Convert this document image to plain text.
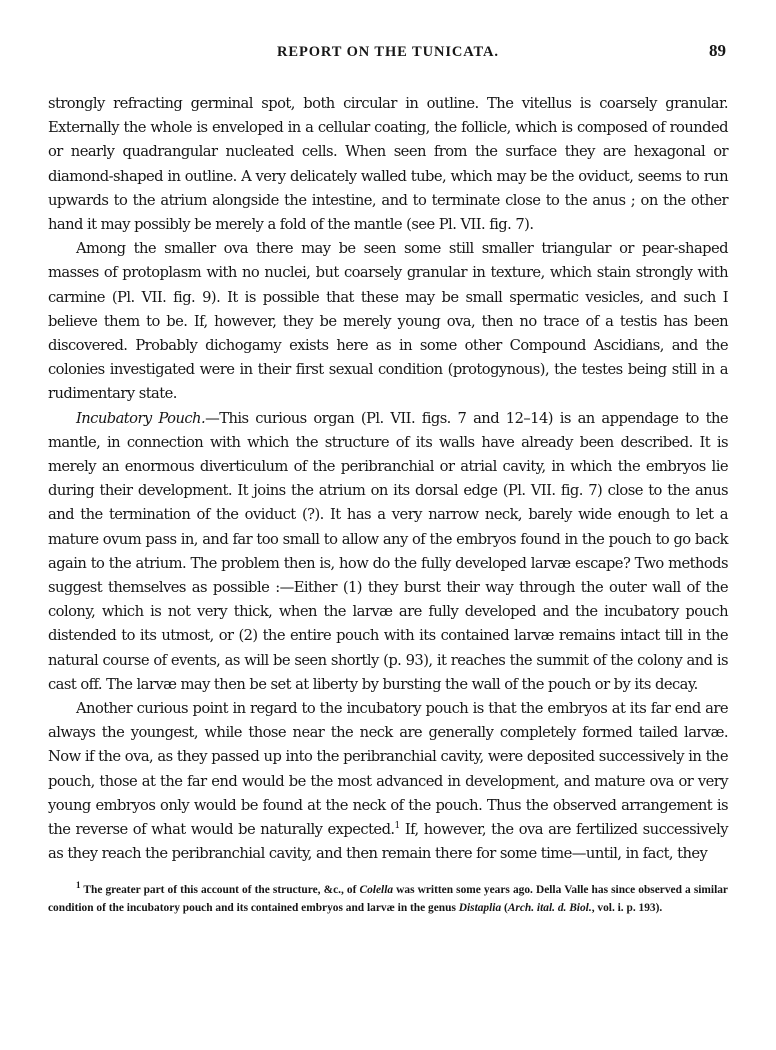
REPORT ON THE TUNICATA.	89

strongly refracting germinal spot, both circular in outline. The vitellus is coarsely granular. Externally the whole is enveloped in a cellular coating, the follicle, which is composed of rounded or nearly quadrangular nucleated cells. When seen from the surface they are hexagonal or diamond-shaped in outline. A very delicately walled tube, which may be the oviduct, seems to run upwards to the atrium alongside the intestine, and to terminate close to the anus ; on the other hand it may possibly be merely a fold of the mantle (see Pl. VII. fig. 7).

Among the smaller ova there may be seen some still smaller triangular or pear-shaped masses of protoplasm with no nuclei, but coarsely granular in texture, which stain strongly with carmine (Pl. VII. fig. 9). It is possible that these may be small spermatic vesicles, and such I believe them to be. If, however, they be merely young ova, then no trace of a testis has been discovered. Probably dichogamy exists here as in some other Compound Ascidians, and the colonies investigated were in their first sexual condition (protogynous), the testes being still in a rudimentary state.

Incubatory Pouch.—This curious organ (Pl. VII. figs. 7 and 12–14) is an appendage to the mantle, in connection with which the structure of its walls have already been described. It is merely an enormous diverticulum of the peribranchial or atrial cavity, in which the embryos lie during their development. It joins the atrium on its dorsal edge (Pl. VII. fig. 7) close to the anus and the termination of the oviduct (?). It has a very narrow neck, barely wide enough to let a mature ovum pass in, and far too small to allow any of the embryos found in the pouch to go back again to the atrium. The problem then is, how do the fully developed larvæ escape? Two methods suggest themselves as possible :—Either (1) they burst their way through the outer wall of the colony, which is not very thick, when the larvæ are fully developed and the incubatory pouch distended to its utmost, or (2) the entire pouch with its contained larvæ remains intact till in the natural course of events, as will be seen shortly (p. 93), it reaches the summit of the colony and is cast off. The larvæ may then be set at liberty by bursting the wall of the pouch or by its decay.

Another curious point in regard to the incubatory pouch is that the embryos at its far end are always the youngest, while those near the neck are generally completely formed tailed larvæ. Now if the ova, as they passed up into the peribranchial cavity, were deposited successively in the pouch, those at the far end would be the most advanced in development, and mature ova or very young embryos only would be found at the neck of the pouch. Thus the observed arrangement is the reverse of what would be naturally expected.$^1$ If, however, the ova are fertilized successively as they reach the peribranchial cavity, and then remain there for some time—until, in fact, they

$^1$ The greater part of this account of the structure, &c., of Colella was written some years ago. Della Valle has since observed a similar condition of the incubatory pouch and its contained embryos and larvæ in the genus Distaplia (Arch. ital. d. Biol., vol. i. p. 193).
